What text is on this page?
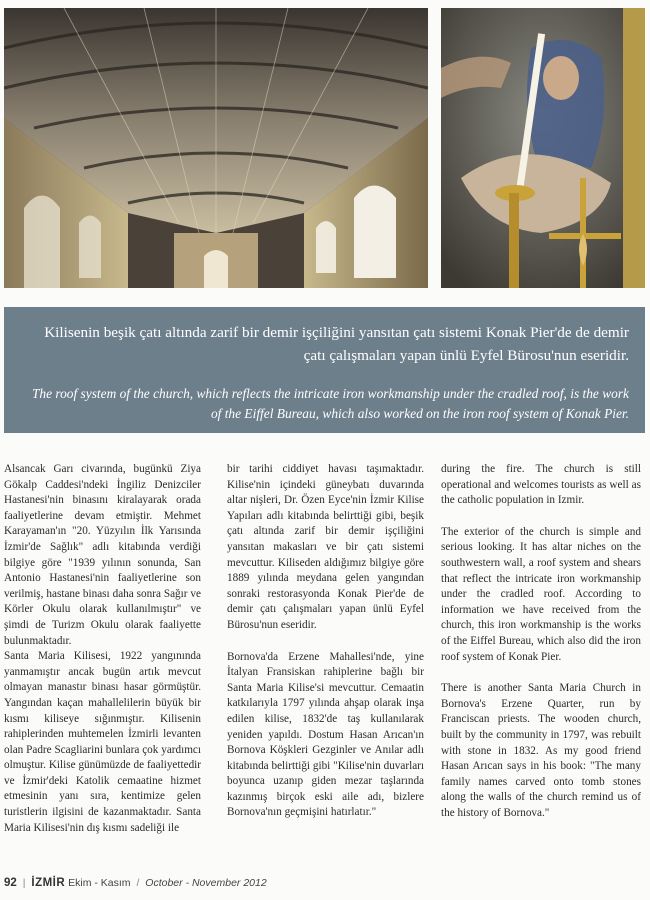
Kilisenin beşik çatı altında zarif bir demir işçiliğini yansıtan çatı sistemi Konak Pier'de de demir çatı çalışmaları yapan ünlü Eyfel Bürosu'nun eseridir.

The roof system of the church, which reflects the intricate iron workmanship under the cradled roof, is the work of the Eiffel Bureau, which also worked on the iron roof system of Konak Pier.

Alsancak Garı civarında, bugünkü Ziya Gökalp Caddesi'ndeki İngiliz Denizciler Hastanesi'nin binasını kiralayarak orada faaliyetlerine devam etmiştir. Mehmet Karayaman'ın "20. Yüzyılın İlk Yarısında İzmir'de Sağlık" adlı kitabında verdiği bilgiye göre "1939 yılının sonunda, San Antonio Hastanesi'nin faaliyetlerine son verilmiş, hastane binası daha sonra Sağır ve Körler Okulu olarak kullanılmıştır" ve şimdi de Turizm Okulu olarak faaliyette bulunmaktadır.

Santa Maria Kilisesi, 1922 yangınında yanmamıştır ancak bugün artık mevcut olmayan manastır binası hasar görmüştür. Yangından kaçan mahallelilerin büyük bir kısmı kiliseye sığınmıştır. Kilisenin rahiplerinden muhtemelen İzmirli levanten olan Padre Scagliarini bunlara çok yardımcı olmuştur. Kilise günümüzde de faaliyettedir ve İzmir'deki Katolik cemaatine hizmet etmesinin yanı sıra, kentimize gelen turistlerin ilgisini de kazanmaktadır. Santa Maria Kilisesi'nin dış kısmı sadeliği ile

bir tarihi ciddiyet havası taşımaktadır. Kilise'nin içindeki güneybatı duvarında altar nişleri, Dr. Özen Eyce'nin İzmir Kilise Yapıları adlı kitabında belirttiği gibi, beşik çatı altında zarif bir demir işçiliğini yansıtan makasları ve bir çatı sistemi mevcuttur. Kiliseden aldığımız bilgiye göre 1889 yılında meydana gelen yangından sonraki restorasyonda Konak Pier'de de demir çatı çalışmaları yapan ünlü Eyfel Bürosu'nun eseridir.

Bornova'da Erzene Mahallesi'nde, yine İtalyan Fransiskan rahiplerine bağlı bir Santa Maria Kilise'si mevcuttur. Cemaatin katkılarıyla 1797 yılında ahşap olarak inşa edilen kilise, 1832'de taş kullanılarak yeniden yapıldı. Dostum Hasan Arıcan'ın Bornova Köşkleri Gezginler ve Anılar adlı kitabında belirttiği gibi "Kilise'nin duvarları boyunca uzanıp giden mezar taşlarında kazınmış birçok eski aile adı, bizlere Bornova'nın geçmişini hatırlatır."

during the fire. The church is still operational and welcomes tourists as well as the catholic population in Izmir.

The exterior of the church is simple and serious looking. It has altar niches on the southwestern wall, a roof system and shears that reflect the intricate iron workmanship under the cradled roof. According to information we have received from the church, this iron workmanship is the works of the Eiffel Bureau, which also did the iron roof system of Konak Pier.

There is another Santa Maria Church in Bornova's Erzene Quarter, run by Franciscan priests. The wooden church, built by the community in 1797, was rebuilt with stone in 1832. As my good friend Hasan Arıcan says in his book: "The many family names carved onto tomb stones along the walls of the church remind us of the history of Bornova."

92 | İZMİR Ekim - Kasım / October - November 2012
